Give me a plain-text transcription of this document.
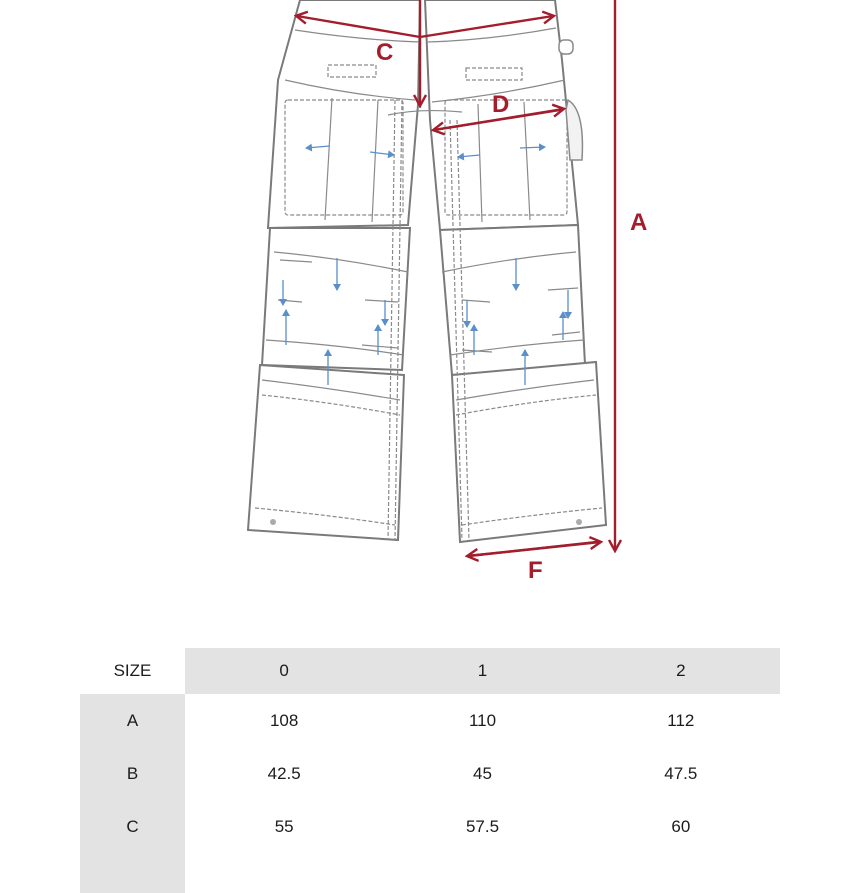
C
D
A
F
SIZE	0	1	2
A	108	110	112
B	42.5	45	47.5
C	55	57.5	60
